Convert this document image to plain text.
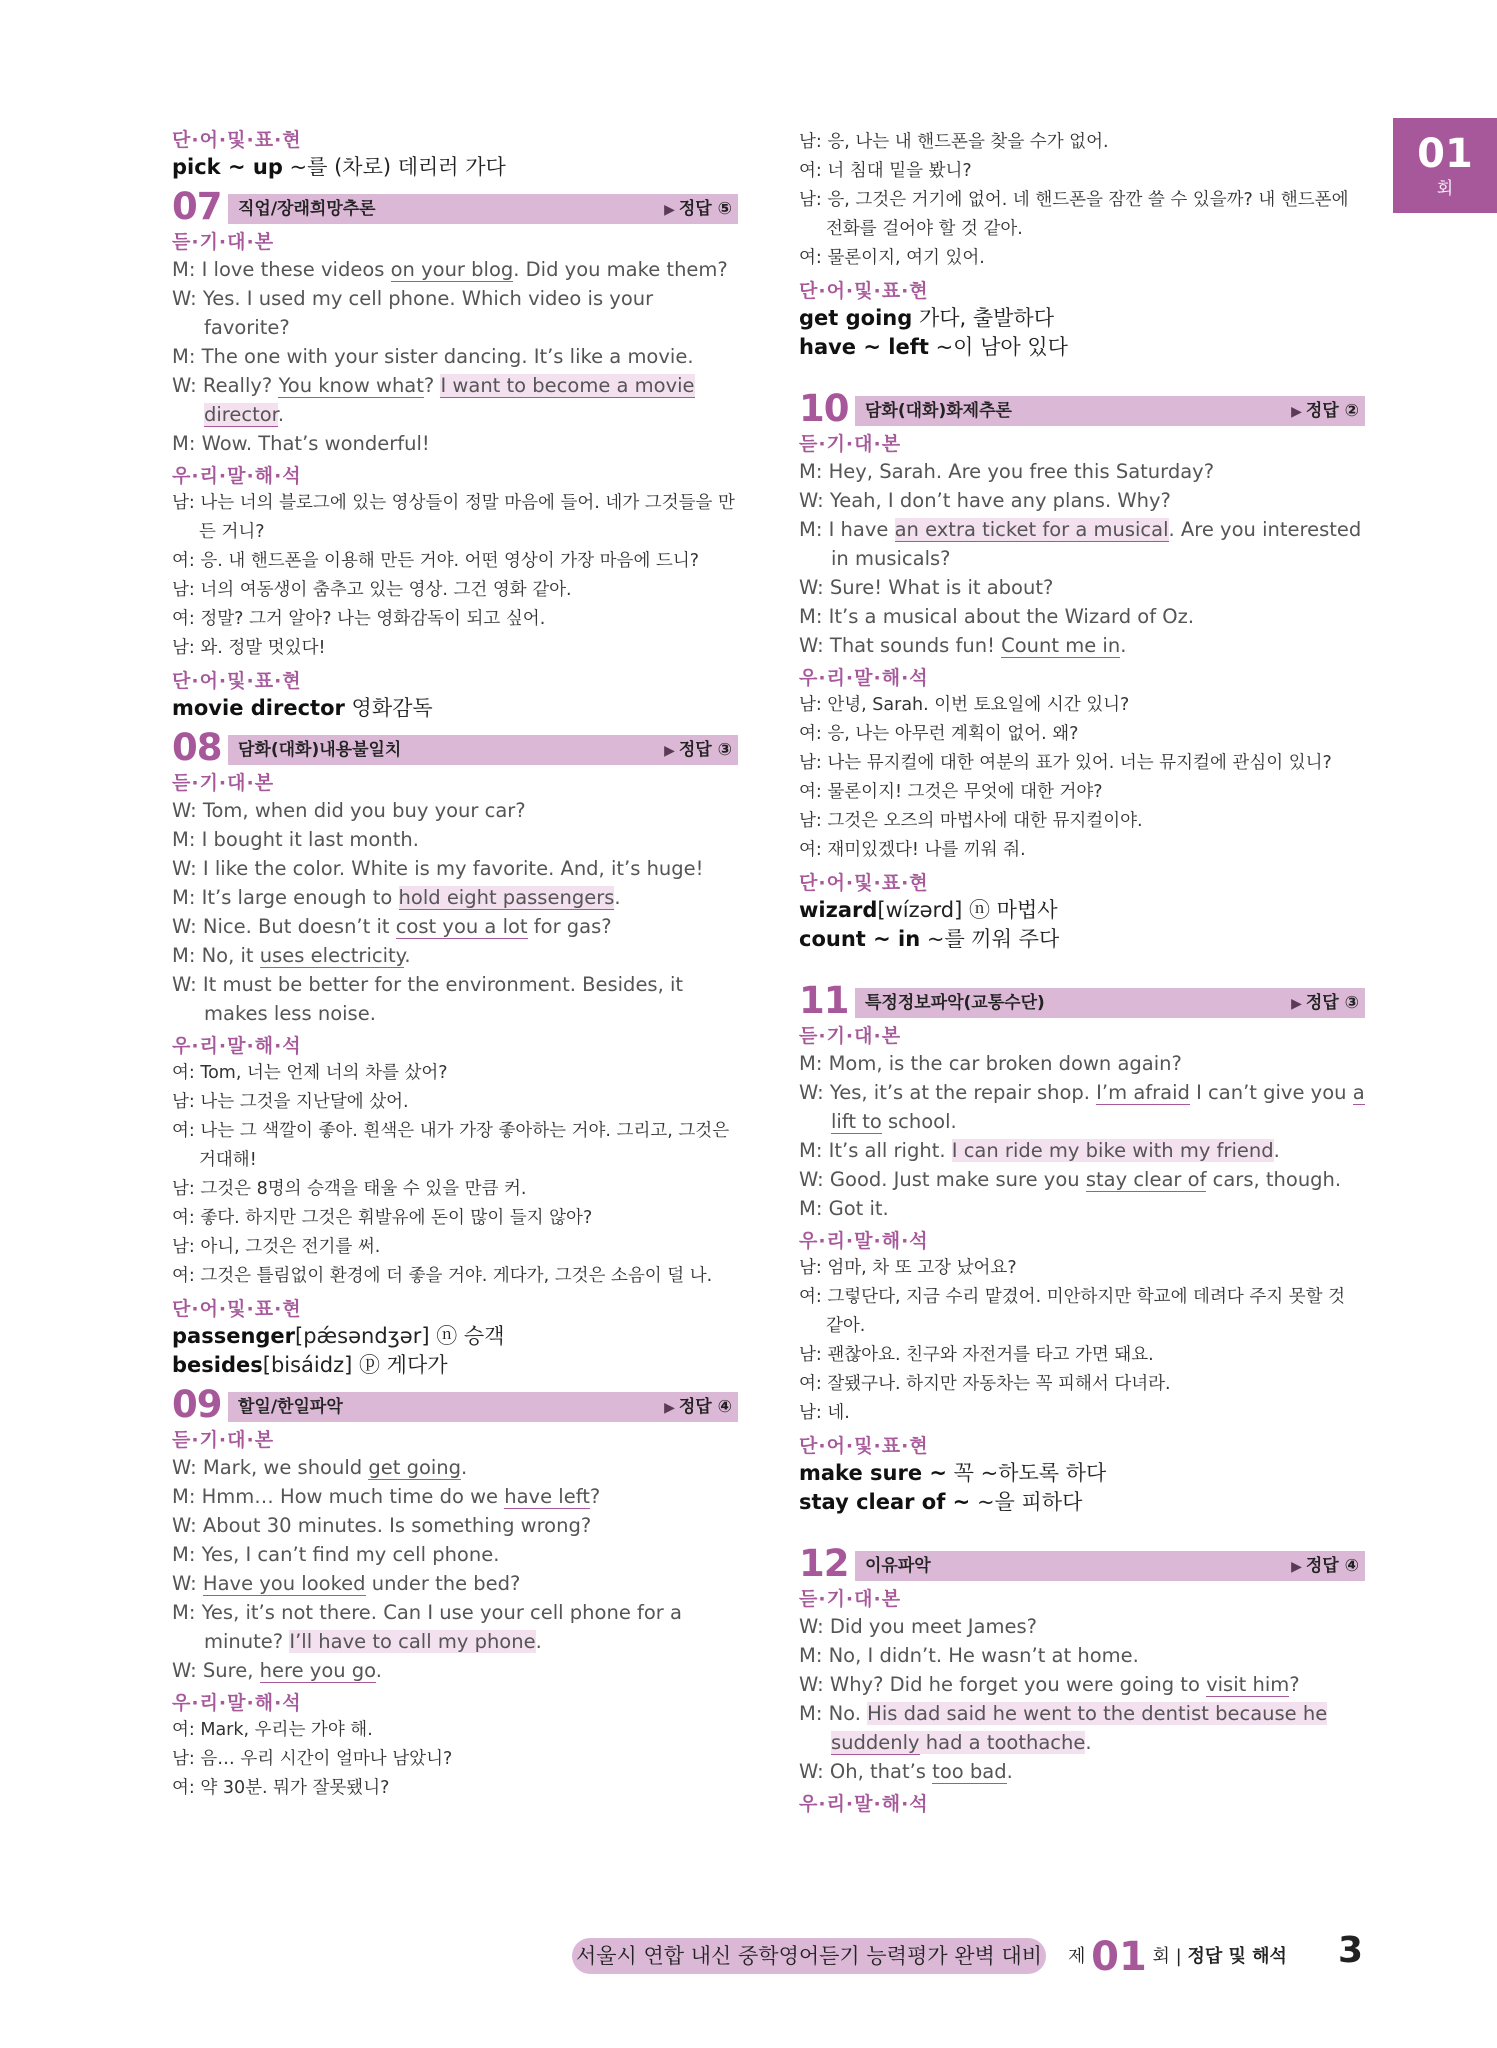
단·어·및·표·현
pick ~ up ~를 (차로) 데리러 가다
07 직업/장래희망추론	▶ 정답 ⑤
듣·기·대·본
M: I love these videos on your blog. Did you make them?
W: Yes. I used my cell phone. Which video is your favorite?
M: The one with your sister dancing. It’s like a movie.
W: Really? You know what? I want to become a movie director.
M: Wow. That’s wonderful!
우·리·말·해·석
남: 나는 너의 블로그에 있는 영상들이 정말 마음에 들어. 네가 그것들을 만든 거니?
여: 응. 내 핸드폰을 이용해 만든 거야. 어떤 영상이 가장 마음에 드니?
남: 너의 여동생이 춤추고 있는 영상. 그건 영화 같아.
여: 정말? 그거 알아? 나는 영화감독이 되고 싶어.
남: 와. 정말 멋있다!
단·어·및·표·현
movie director 영화감독
08 담화(대화)내용불일치	▶ 정답 ③
듣·기·대·본
W: Tom, when did you buy your car?
M: I bought it last month.
W: I like the color. White is my favorite. And, it’s huge!
M: It’s large enough to hold eight passengers.
W: Nice. But doesn’t it cost you a lot for gas?
M: No, it uses electricity.
W: It must be better for the environment. Besides, it makes less noise.
우·리·말·해·석
여: Tom, 너는 언제 너의 차를 샀어?
남: 나는 그것을 지난달에 샀어.
여: 나는 그 색깔이 좋아. 흰색은 내가 가장 좋아하는 거야. 그리고, 그것은 거대해!
남: 그것은 8명의 승객을 태울 수 있을 만큼 커.
여: 좋다. 하지만 그것은 휘발유에 돈이 많이 들지 않아?
남: 아니, 그것은 전기를 써.
여: 그것은 틀림없이 환경에 더 좋을 거야. 게다가, 그것은 소음이 덜 나.
단·어·및·표·현
passenger[pǽsəndʒər] ⓝ 승객
besides[bisáidz] ⓟ 게다가
09 할일/한일파악	▶ 정답 ④
듣·기·대·본
W: Mark, we should get going.
M: Hmm… How much time do we have left?
W: About 30 minutes. Is something wrong?
M: Yes, I can’t find my cell phone.
W: Have you looked under the bed?
M: Yes, it’s not there. Can I use your cell phone for a minute? I’ll have to call my phone.
W: Sure, here you go.
우·리·말·해·석
여: Mark, 우리는 가야 해.
남: 음… 우리 시간이 얼마나 남았니?
여: 약 30분. 뭐가 잘못됐니?
남: 응, 나는 내 핸드폰을 찾을 수가 없어.
여: 너 침대 밑을 봤니?
남: 응, 그것은 거기에 없어. 네 핸드폰을 잠깐 쓸 수 있을까? 내 핸드폰에 전화를 걸어야 할 것 같아.
여: 물론이지, 여기 있어.
단·어·및·표·현
get going 가다, 출발하다
have ~ left ~이 남아 있다
10 담화(대화)화제추론	▶ 정답 ②
듣·기·대·본
M: Hey, Sarah. Are you free this Saturday?
W: Yeah, I don’t have any plans. Why?
M: I have an extra ticket for a musical. Are you interested in musicals?
W: Sure! What is it about?
M: It’s a musical about the Wizard of Oz.
W: That sounds fun! Count me in.
우·리·말·해·석
남: 안녕, Sarah. 이번 토요일에 시간 있니?
여: 응, 나는 아무런 계획이 없어. 왜?
남: 나는 뮤지컬에 대한 여분의 표가 있어. 너는 뮤지컬에 관심이 있니?
여: 물론이지! 그것은 무엇에 대한 거야?
남: 그것은 오즈의 마법사에 대한 뮤지컬이야.
여: 재미있겠다! 나를 끼워 줘.
단·어·및·표·현
wizard[wízərd] ⓝ 마법사
count ~ in ~를 끼워 주다
11 특정정보파악(교통수단)	▶ 정답 ③
듣·기·대·본
M: Mom, is the car broken down again?
W: Yes, it’s at the repair shop. I’m afraid I can’t give you a lift to school.
M: It’s all right. I can ride my bike with my friend.
W: Good. Just make sure you stay clear of cars, though.
M: Got it.
우·리·말·해·석
남: 엄마, 차 또 고장 났어요?
여: 그렇단다, 지금 수리 맡겼어. 미안하지만 학교에 데려다 주지 못할 것 같아.
남: 괜찮아요. 친구와 자전거를 타고 가면 돼요.
여: 잘됐구나. 하지만 자동차는 꼭 피해서 다녀라.
남: 네.
단·어·및·표·현
make sure ~ 꼭 ~하도록 하다
stay clear of ~ ~을 피하다
12 이유파악	▶ 정답 ④
듣·기·대·본
W: Did you meet James?
M: No, I didn’t. He wasn’t at home.
W: Why? Did he forget you were going to visit him?
M: No. His dad said he went to the dentist because he suddenly had a toothache.
W: Oh, that’s too bad.
우·리·말·해·석
01
회
서울시 연합 내신 중학영어듣기 능력평가 완벽 대비 제 01 회 | 정답 및 해석 3
